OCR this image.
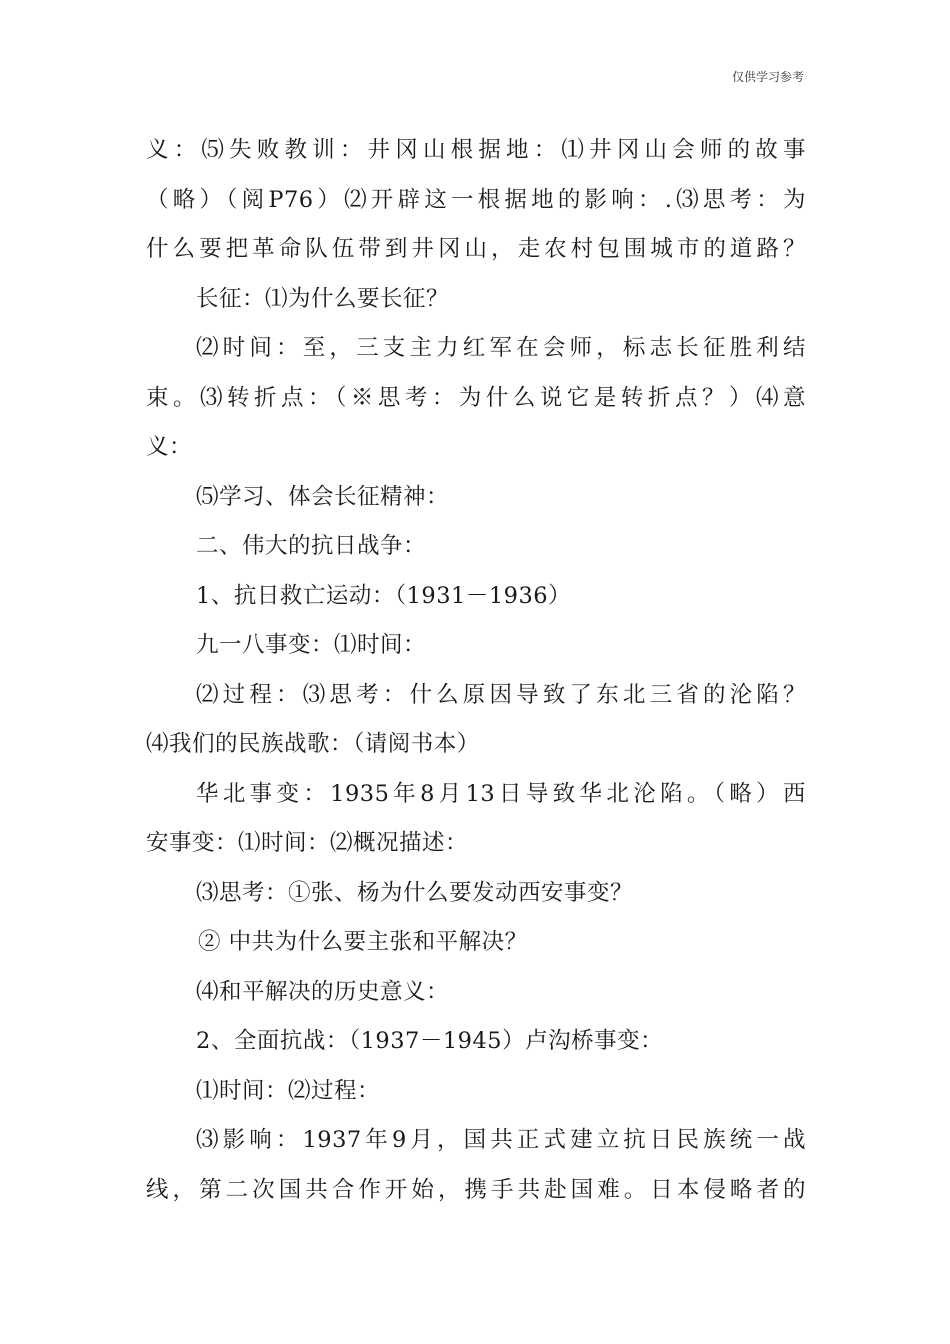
仅供学习参考
义：⑸失败教训：井冈山根据地：⑴井冈山会师的故事
（略）（阅P76）⑵开辟这一根据地的影响：.⑶思考：为
什么要把革命队伍带到井冈山，走农村包围城市的道路？
长征：⑴为什么要长征？
⑵时间：至，三支主力红军在会师，标志长征胜利结
束。⑶转折点：（※思考：为什么说它是转折点？）⑷意
义：
⑸学习、体会长征精神：
二、伟大的抗日战争：
1、抗日救亡运动：（1931－1936）
九一八事变：⑴时间：
⑵过程：⑶思考：什么原因导致了东北三省的沦陷？
⑷我们的民族战歌：（请阅书本）
华北事变：1935年8月13日导致华北沦陷。（略）西
安事变：⑴时间：⑵概况描述：
⑶思考：①张、杨为什么要发动西安事变？
② 中共为什么要主张和平解决？
⑷和平解决的历史意义：
2、全面抗战：（1937－1945）卢沟桥事变：
⑴时间：⑵过程：
⑶影响：1937年9月，国共正式建立抗日民族统一战
线，第二次国共合作开始，携手共赴国难。日本侵略者的
